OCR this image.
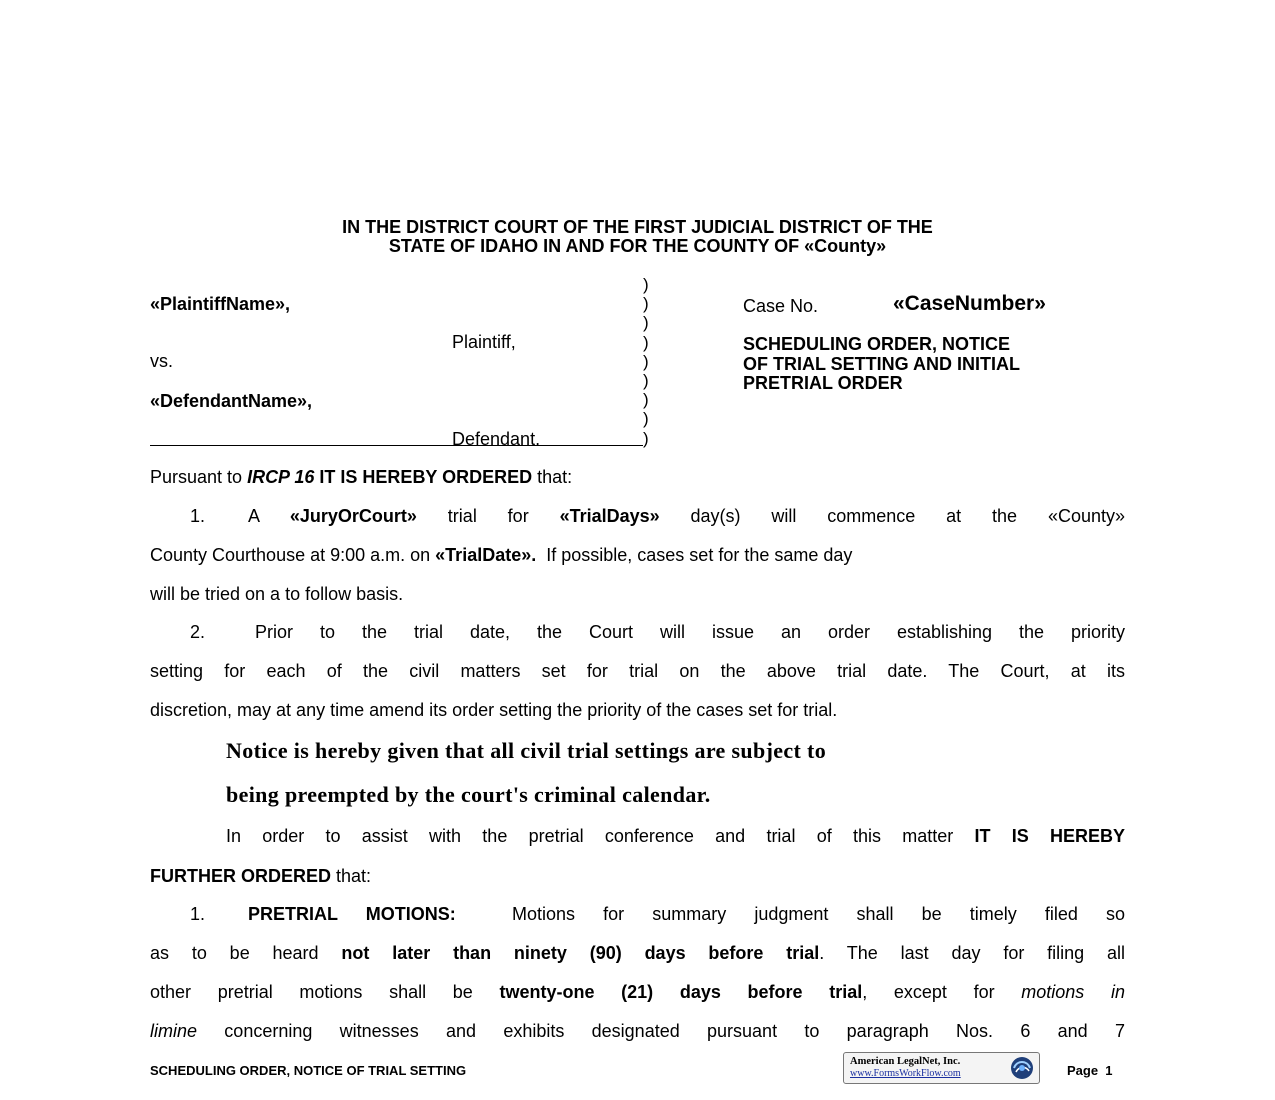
IN THE DISTRICT COURT OF THE FIRST JUDICIAL DISTRICT OF THE
STATE OF IDAHO IN AND FOR THE COUNTY OF «County»
«PlaintiffName»,
Plaintiff,
vs.
«DefendantName»,
Defendant.
)
)
)
)
)
)
)
)
)
Case No.	«CaseNumber»
SCHEDULING ORDER, NOTICE
OF TRIAL SETTING AND INITIAL
PRETRIAL ORDER
Pursuant to IRCP 16 IT IS HEREBY ORDERED that:
1. A «JuryOrCourt» trial for «TrialDays» day(s) will commence at the «County»
County Courthouse at 9:00 a.m. on «TrialDate».  If possible, cases set for the same day
will be tried on a to follow basis.
2.	Prior to the trial date, the Court will issue an order establishing the priority
setting for each of the civil matters set for trial on the above trial date. The Court, at its
discretion, may at any time amend its order setting the priority of the cases set for trial.
Notice is hereby given that all civil trial settings are subject to
being preempted by the court's criminal calendar.
In order to assist with the pretrial conference and trial of this matter IT IS HEREBY
FURTHER ORDERED that:
1. PRETRIAL MOTIONS:  Motions for summary judgment shall be timely filed so
as to be heard not later than ninety (90) days before trial. The last day for filing all
other pretrial motions shall be twenty-one (21) days before trial, except for motions in
limine concerning witnesses and exhibits designated pursuant to paragraph Nos. 6 and 7
SCHEDULING ORDER, NOTICE OF TRIAL SETTING
American LegalNet, Inc.
www.FormsWorkFlow.com	Page  1
